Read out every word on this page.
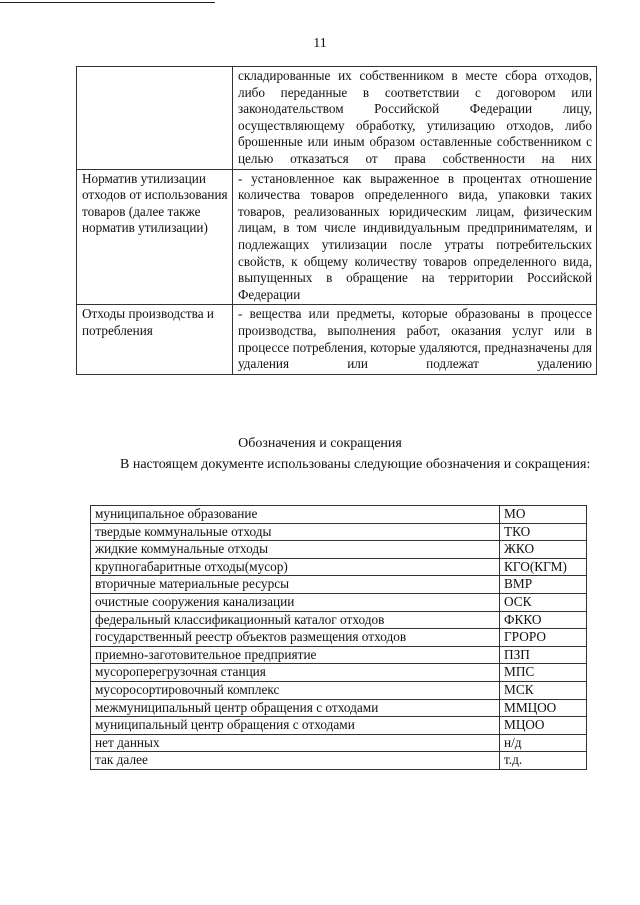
11
	складированные их собственником в месте сбора отходов, либо переданные в соответствии с договором или законодательством Российской Федерации лицу, осуществляющему обработку, утилизацию отходов, либо брошенные или иным образом оставленные собственником с целью отказаться от права собственности на них
Норматив утилизации отходов от использования товаров (далее также норматив утилизации)	- установленное как выраженное в процентах отношение количества товаров определенного вида, упаковки таких товаров, реализованных юридическим лицам, физическим лицам, в том числе индивидуальным предпринимателям, и подлежащих утилизации после утраты потребительских свойств, к общему количеству товаров определенного вида, выпущенных в обращение на территории Российской Федерации
Отходы производства и потребления	- вещества или предметы, которые образованы в процессе производства, выполнения работ, оказания услуг или в процессе потребления, которые удаляются, предназначены для удаления или подлежат удалению
Обозначения и сокращения
В настоящем документе использованы следующие обозначения и сокращения:
муниципальное образование	МО
твердые коммунальные отходы	ТКО
жидкие коммунальные отходы	ЖКО
крупногабаритные отходы(мусор)	КГО(КГМ)
вторичные материальные ресурсы	ВМР
очистные сооружения канализации	ОСК
федеральный классификационный каталог отходов	ФККО
государственный реестр объектов размещения отходов	ГРОРО
приемно-заготовительное предприятие	ПЗП
мусороперегрузочная станция	МПС
мусоросортировочный комплекс	МСК
межмуниципальный центр обращения с отходами	ММЦОО
муниципальный центр обращения с отходами	МЦОО
нет данных	н/д
так далее	т.д.
